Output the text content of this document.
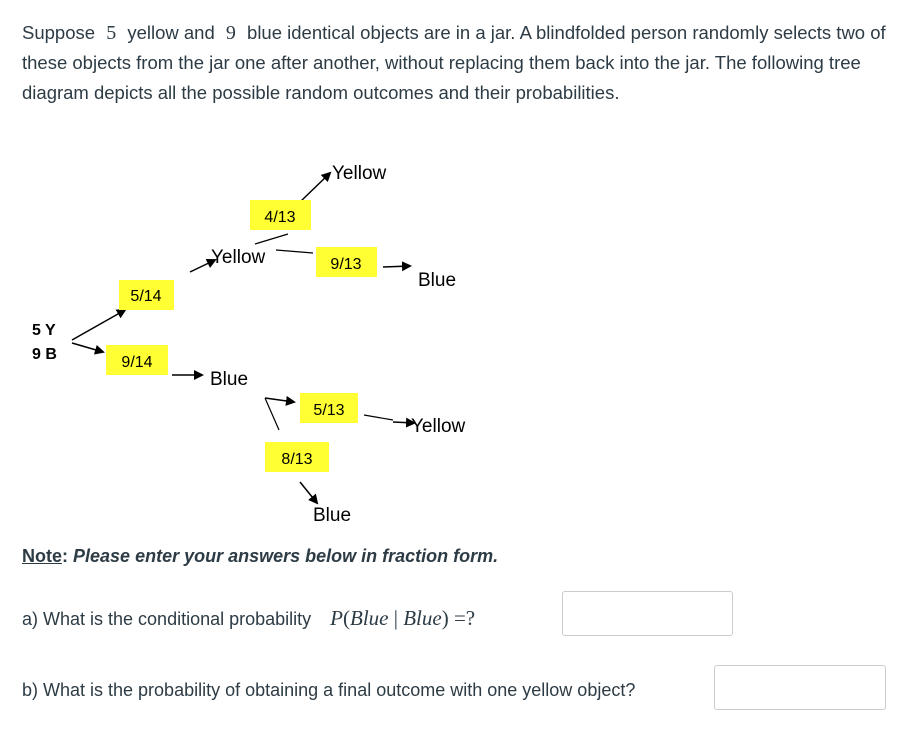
Suppose 5 yellow and 9 blue identical objects are in a jar. A blindfolded person randomly selects two of these objects from the jar one after another, without replacing them back into the jar. The following tree diagram depicts all the possible random outcomes and their probabilities.

5 Y
9 B
5/14
9/14
Yellow
Blue
4/13
9/13
Yellow
Blue
5/13
8/13
Yellow
Blue
Note: Please enter your answers below in fraction form.
a) What is the conditional probability P(Blue | Blue) =?
b) What is the probability of obtaining a final outcome with one yellow object?
